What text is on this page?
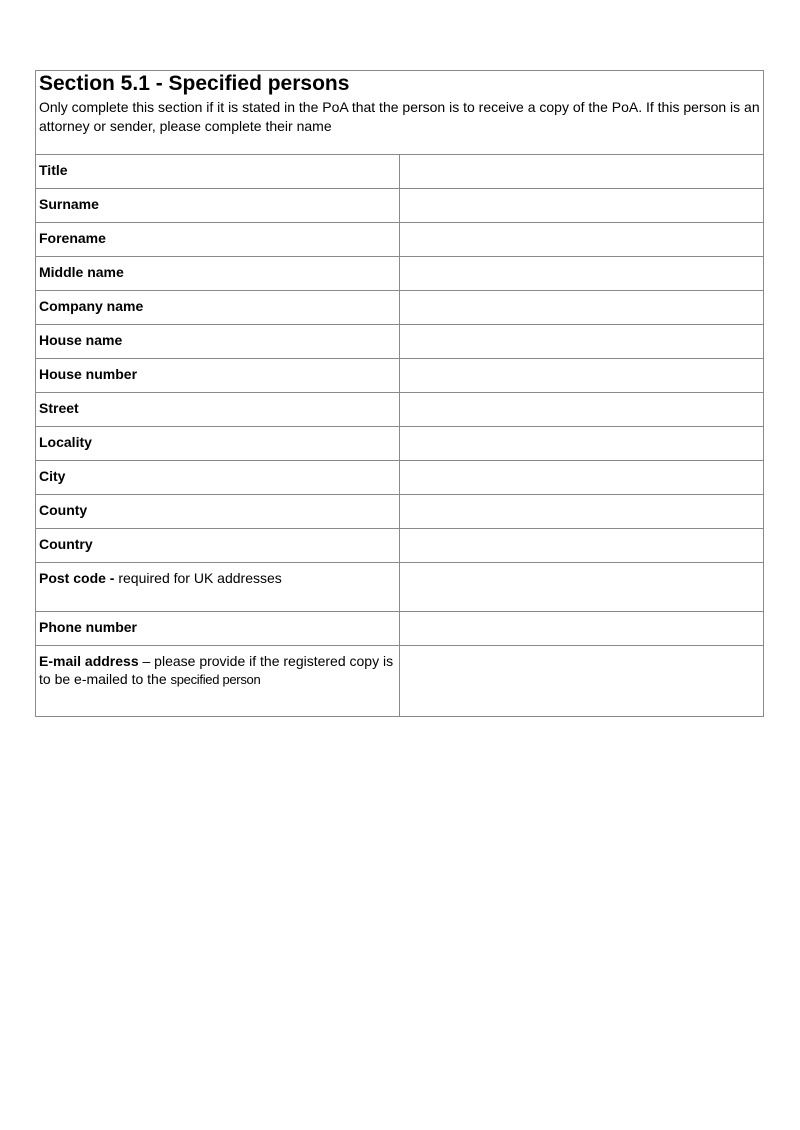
Section 5.1 - Specified persons
Only complete this section if it is stated in the PoA that the person is to receive a copy of the PoA. If this person is an attorney or sender, please complete their name	

Title	
Surname	
Forename	
Middle name	
Company name	
House name	
House number	
Street	
Locality	
City	
County	
Country	
Post code - required for UK addresses	
Phone number	
E-mail address – please provide if the registered copy is to be e-mailed to the specified person	
